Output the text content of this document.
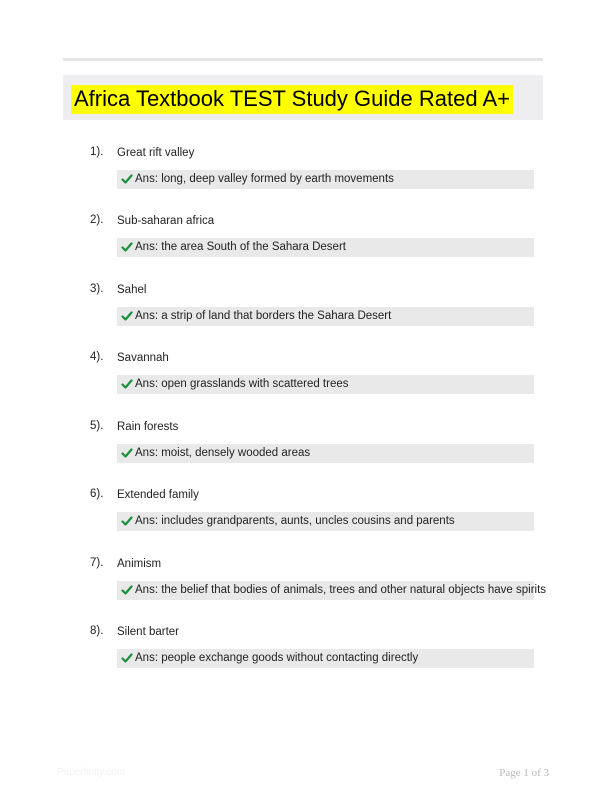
Africa Textbook TEST Study Guide Rated A+
1). Great rift valley
Ans: long, deep valley formed by earth movements
2). Sub-saharan africa
Ans: the area South of the Sahara Desert
3). Sahel
Ans: a strip of land that borders the Sahara Desert
4). Savannah
Ans: open grasslands with scattered trees
5). Rain forests
Ans: moist, densely wooded areas
6). Extended family
Ans: includes grandparents, aunts, uncles cousins and parents
7). Animism
Ans: the belief that bodies of animals, trees and other natural objects have spirits
8). Silent barter
Ans: people exchange goods without contacting directly
Paperfinity.com	Page 1 of 3
